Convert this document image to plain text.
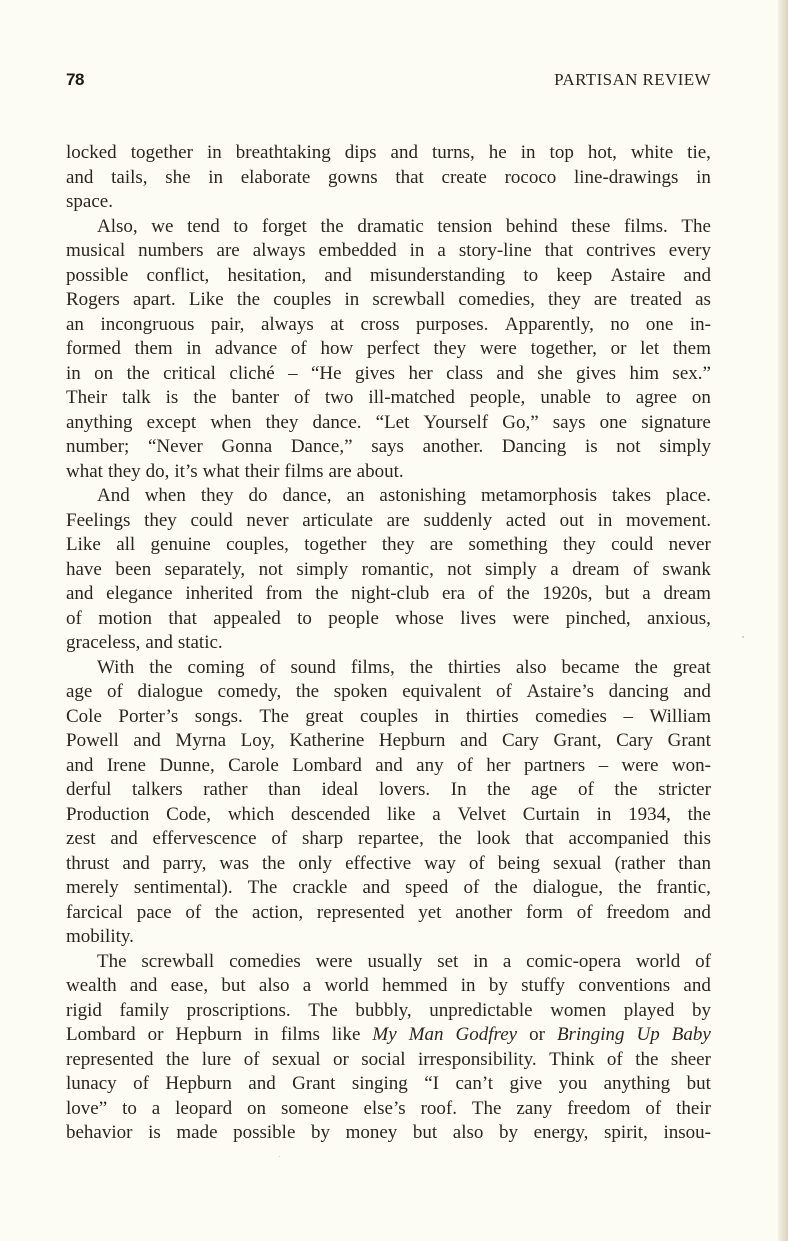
78	PARTISAN REVIEW
locked together in breathtaking dips and turns, he in top hot, white tie,
and tails, she in elaborate gowns that create rococo line-drawings in
space.
Also, we tend to forget the dramatic tension behind these films. The
musical numbers are always embedded in a story-line that contrives every
possible conflict, hesitation, and misunderstanding to keep Astaire and
Rogers apart. Like the couples in screwball comedies, they are treated as
an incongruous pair, always at cross purposes. Apparently, no one in-
formed them in advance of how perfect they were together, or let them
in on the critical cliché – “He gives her class and she gives him sex.”
Their talk is the banter of two ill-matched people, unable to agree on
anything except when they dance. “Let Yourself Go,” says one signature
number; “Never Gonna Dance,” says another. Dancing is not simply
what they do, it’s what their films are about.
And when they do dance, an astonishing metamorphosis takes place.
Feelings they could never articulate are suddenly acted out in movement.
Like all genuine couples, together they are something they could never
have been separately, not simply romantic, not simply a dream of swank
and elegance inherited from the night-club era of the 1920s, but a dream
of motion that appealed to people whose lives were pinched, anxious,
graceless, and static.
With the coming of sound films, the thirties also became the great
age of dialogue comedy, the spoken equivalent of Astaire’s dancing and
Cole Porter’s songs. The great couples in thirties comedies – William
Powell and Myrna Loy, Katherine Hepburn and Cary Grant, Cary Grant
and Irene Dunne, Carole Lombard and any of her partners – were won-
derful talkers rather than ideal lovers. In the age of the stricter
Production Code, which descended like a Velvet Curtain in 1934, the
zest and effervescence of sharp repartee, the look that accompanied this
thrust and parry, was the only effective way of being sexual (rather than
merely sentimental). The crackle and speed of the dialogue, the frantic,
farcical pace of the action, represented yet another form of freedom and
mobility.
The screwball comedies were usually set in a comic-opera world of
wealth and ease, but also a world hemmed in by stuffy conventions and
rigid family proscriptions. The bubbly, unpredictable women played by
Lombard or Hepburn in films like My Man Godfrey or Bringing Up Baby
represented the lure of sexual or social irresponsibility. Think of the sheer
lunacy of Hepburn and Grant singing “I can’t give you anything but
love” to a leopard on someone else’s roof. The zany freedom of their
behavior is made possible by money but also by energy, spirit, insou-
